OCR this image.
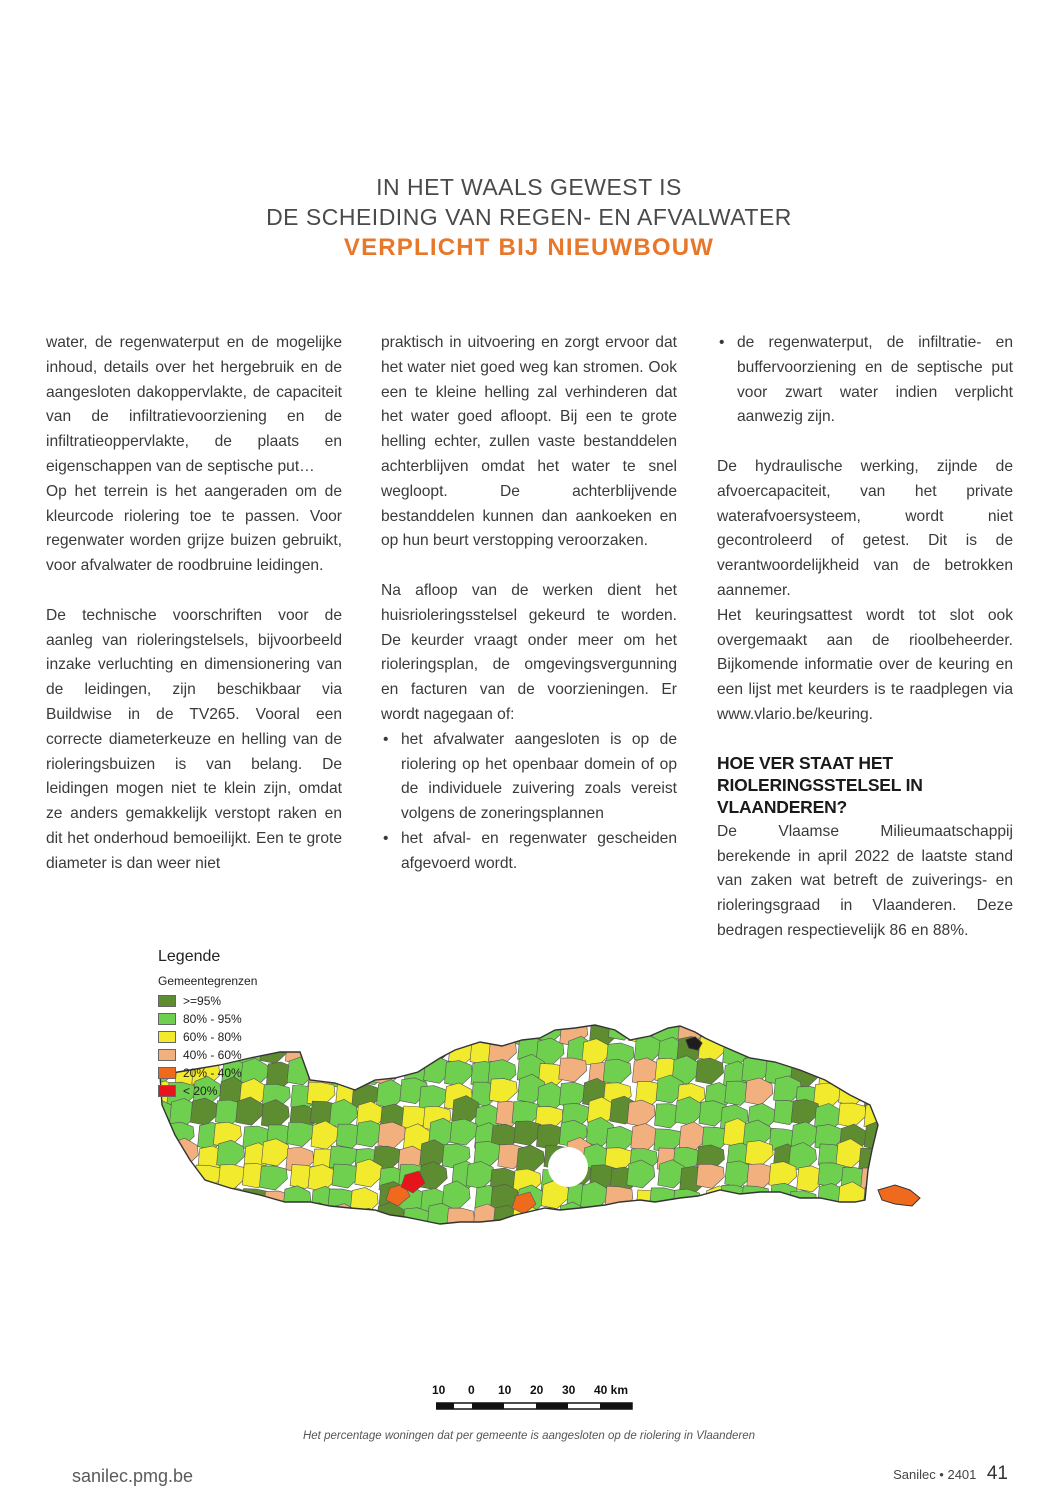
IN HET WAALS GEWEST IS
DE SCHEIDING VAN REGEN- EN AFVALWATER
VERPLICHT BIJ NIEUWBOUW

water, de regenwaterput en de mogelijke inhoud, details over het hergebruik en de aangesloten dakoppervlakte, de capaciteit van de infiltratievoorziening en de infiltratieoppervlakte, de plaats en eigenschappen van de septische put…

Op het terrein is het aangeraden om de kleurcode riolering toe te passen. Voor regenwater worden grijze buizen gebruikt, voor afvalwater de roodbruine leidingen.

De technische voorschriften voor de aanleg van rioleringstelsels, bijvoorbeeld inzake verluchting en dimensionering van de leidingen, zijn beschikbaar via Buildwise in de TV265. Vooral een correcte diameterkeuze en helling van de rioleringsbuizen is van belang. De leidingen mogen niet te klein zijn, omdat ze anders gemakkelijk verstopt raken en dit het onderhoud bemoeilijkt. Een te grote diameter is dan weer niet

praktisch in uitvoering en zorgt ervoor dat het water niet goed weg kan stromen. Ook een te kleine helling zal verhinderen dat het water goed afloopt. Bij een te grote helling echter, zullen vaste bestanddelen achterblijven omdat het water te snel wegloopt. De achterblijvende bestanddelen kunnen dan aankoeken en op hun beurt verstopping veroorzaken.

Na afloop van de werken dient het huisrioleringsstelsel gekeurd te worden. De keurder vraagt onder meer om het rioleringsplan, de omgevingsvergunning en facturen van de voorzieningen. Er wordt nagegaan of:

• het afvalwater aangesloten is op de riolering op het openbaar domein of op de individuele zuivering zoals vereist volgens de zoneringsplannen
• het afval- en regenwater gescheiden afgevoerd wordt.
• de regenwaterput, de infiltratie- en buffervoorziening en de septische put voor zwart water indien verplicht aanwezig zijn.

De hydraulische werking, zijnde de afvoercapaciteit, van het private waterafvoersysteem, wordt niet gecontroleerd of getest. Dit is de verantwoordelijkheid van de betrokken aannemer.

Het keuringsattest wordt tot slot ook overgemaakt aan de rioolbeheerder. Bijkomende informatie over de keuring en een lijst met keurders is te raadplegen via www.vlario.be/keuring.

HOE VER STAAT HET RIOLERINGSSTELSEL IN VLAANDEREN?

De Vlaamse Milieumaatschappij berekende in april 2022 de laatste stand van zaken wat betreft de zuiverings- en rioleringsgraad in Vlaanderen. Deze bedragen respectievelijk 86 en 88%.

Legende
Gemeentegrenzen
>=95%
80% - 95%
60% - 80%
40% - 60%
20% - 40%
< 20%
10 0 10 20 30 40 km
Het percentage woningen dat per gemeente is aangesloten op de riolering in Vlaanderen
sanilec.pmg.be	Sanilec • 2401 41
